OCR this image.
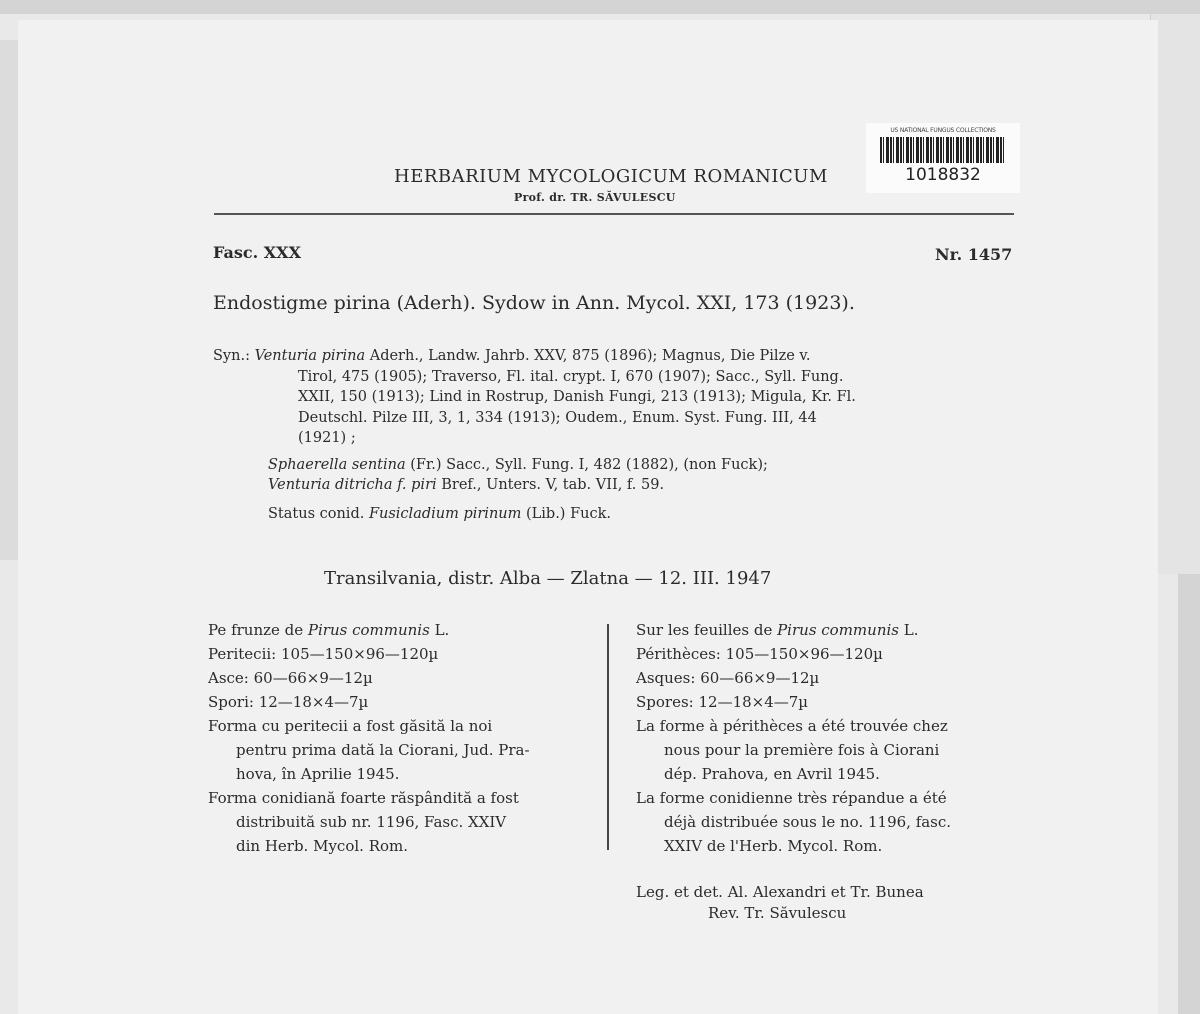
US NATIONAL FUNGUS COLLECTIONS
1018832
HERBARIUM MYCOLOGICUM ROMANICUM
Prof. dr. TR. SĂVULESCU
Fasc. XXX	Nr. 1457
Endostigme pirina (Aderh). Sydow in Ann. Mycol. XXI, 173 (1923).
Syn.: Venturia pirina Aderh., Landw. Jahrb. XXV, 875 (1896); Magnus, Die Pilze v.
Tirol, 475 (1905); Traverso, Fl. ital. crypt. I, 670 (1907); Sacc., Syll. Fung.
XXII, 150 (1913); Lind in Rostrup, Danish Fungi, 213 (1913); Migula, Kr. Fl.
Deutschl. Pilze III, 3, 1, 334 (1913); Oudem., Enum. Syst. Fung. III, 44
(1921) ;
Sphaerella sentina (Fr.) Sacc., Syll. Fung. I, 482 (1882), (non Fuck);
Venturia ditricha f. piri Bref., Unters. V, tab. VII, f. 59.
Status conid. Fusicladium pirinum (Lib.) Fuck.
Transilvania, distr. Alba — Zlatna — 12. III. 1947
Pe frunze de Pirus communis L.
Peritecii: 105—150×96—120µ
Asce: 60—66×9—12µ
Spori: 12—18×4—7µ
Forma cu peritecii a fost găsită la noi
pentru prima dată la Ciorani, Jud. Pra-
hova, în Aprilie 1945.
Forma conidiană foarte răspândită a fost
distribuită sub nr. 1196, Fasc. XXIV
din Herb. Mycol. Rom.
Sur les feuilles de Pirus communis L.
Périthèces: 105—150×96—120µ
Asques: 60—66×9—12µ
Spores: 12—18×4—7µ
La forme à périthèces a été trouvée chez
nous pour la première fois à Ciorani
dép. Prahova, en Avril 1945.
La forme conidienne très répandue a été
déjà distribuée sous le no. 1196, fasc.
XXIV de l'Herb. Mycol. Rom.
Leg. et det. Al. Alexandri et Tr. Bunea
Rev. Tr. Săvulescu
